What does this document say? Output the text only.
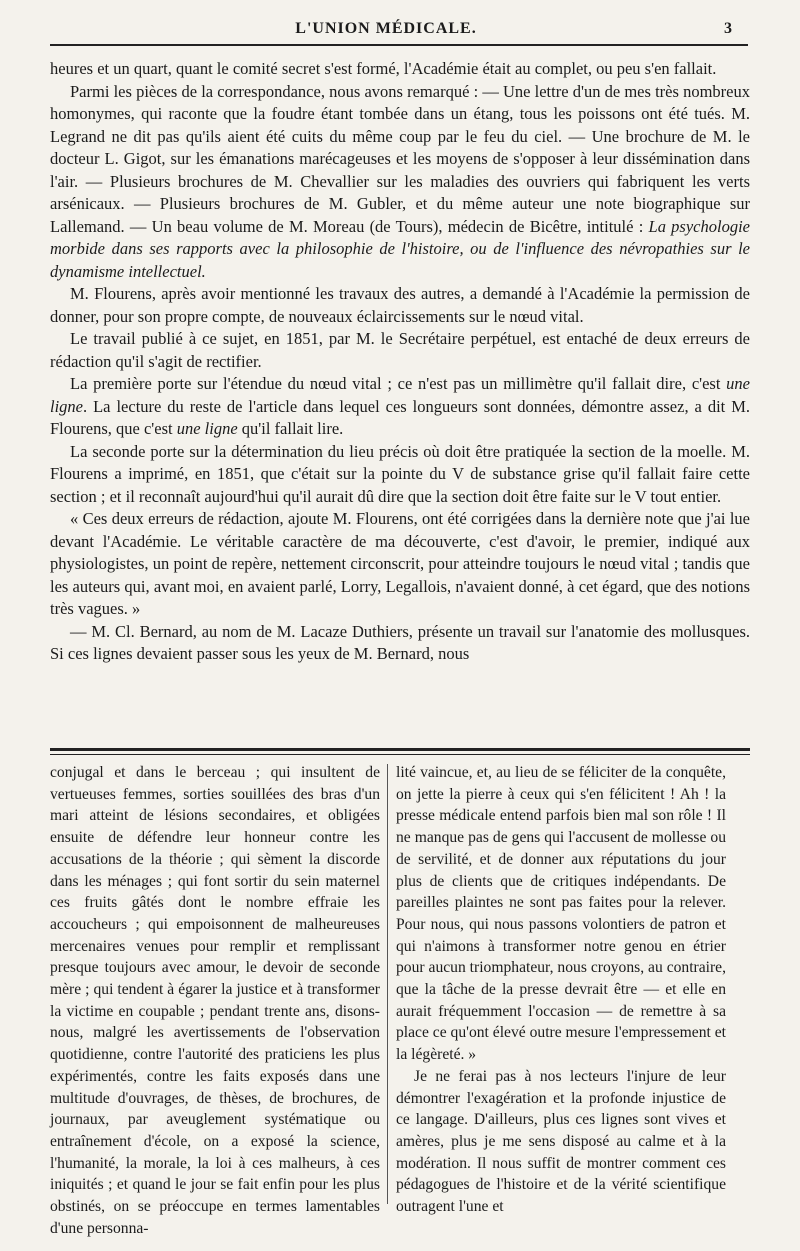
L'UNION MÉDICALE.	3

heures et un quart, quant le comité secret s'est formé, l'Académie était au complet, ou peu s'en fallait.

Parmi les pièces de la correspondance, nous avons remarqué : — Une lettre d'un de mes très nombreux homonymes, qui raconte que la foudre étant tombée dans un étang, tous les poissons ont été tués. M. Legrand ne dit pas qu'ils aient été cuits du même coup par le feu du ciel. — Une brochure de M. le docteur L. Gigot, sur les émanations marécageuses et les moyens de s'opposer à leur dissémination dans l'air. — Plusieurs brochures de M. Chevallier sur les maladies des ouvriers qui fabriquent les verts arsénicaux. — Plusieurs brochures de M. Gubler, et du même auteur une note biographique sur Lallemand. — Un beau volume de M. Moreau (de Tours), médecin de Bicêtre, intitulé : La psychologie morbide dans ses rapports avec la philosophie de l'histoire, ou de l'influence des névropathies sur le dynamisme intellectuel.

M. Flourens, après avoir mentionné les travaux des autres, a demandé à l'Académie la permission de donner, pour son propre compte, de nouveaux éclaircissements sur le nœud vital.

Le travail publié à ce sujet, en 1851, par M. le Secrétaire perpétuel, est entaché de deux erreurs de rédaction qu'il s'agit de rectifier.

La première porte sur l'étendue du nœud vital ; ce n'est pas un millimètre qu'il fallait dire, c'est une ligne. La lecture du reste de l'article dans lequel ces longueurs sont données, démontre assez, a dit M. Flourens, que c'est une ligne qu'il fallait lire.

La seconde porte sur la détermination du lieu précis où doit être pratiquée la section de la moelle. M. Flourens a imprimé, en 1851, que c'était sur la pointe du V de substance grise qu'il fallait faire cette section ; et il reconnaît aujourd'hui qu'il aurait dû dire que la section doit être faite sur le V tout entier.

« Ces deux erreurs de rédaction, ajoute M. Flourens, ont été corrigées dans la dernière note que j'ai lue devant l'Académie. Le véritable caractère de ma découverte, c'est d'avoir, le premier, indiqué aux physiologistes, un point de repère, nettement circonscrit, pour atteindre toujours le nœud vital ; tandis que les auteurs qui, avant moi, en avaient parlé, Lorry, Legallois, n'avaient donné, à cet égard, que des notions très vagues. »

— M. Cl. Bernard, au nom de M. Lacaze Duthiers, présente un travail sur l'anatomie des mollusques. Si ces lignes devaient passer sous les yeux de M. Bernard, nous

conjugal et dans le berceau ; qui insultent de vertueuses femmes, sorties souillées des bras d'un mari atteint de lésions secondaires, et obligées ensuite de défendre leur honneur contre les accusations de la théorie ; qui sèment la discorde dans les ménages ; qui font sortir du sein maternel ces fruits gâtés dont le nombre effraie les accoucheurs ; qui empoisonnent de malheureuses mercenaires venues pour remplir et remplissant presque toujours avec amour, le devoir de seconde mère ; qui tendent à égarer la justice et à transformer la victime en coupable ; pendant trente ans, disons-nous, malgré les avertissements de l'observation quotidienne, contre l'autorité des praticiens les plus expérimentés, contre les faits exposés dans une multitude d'ouvrages, de thèses, de brochures, de journaux, par aveuglement systématique ou entraînement d'école, on a exposé la science, l'humanité, la morale, la loi à ces malheurs, à ces iniquités ; et quand le jour se fait enfin pour les plus obstinés, on se préoccupe en termes lamentables d'une personna-

lité vaincue, et, au lieu de se féliciter de la conquête, on jette la pierre à ceux qui s'en félicitent ! Ah ! la presse médicale entend parfois bien mal son rôle ! Il ne manque pas de gens qui l'accusent de mollesse ou de servilité, et de donner aux réputations du jour plus de clients que de critiques indépendants. De pareilles plaintes ne sont pas faites pour la relever. Pour nous, qui nous passons volontiers de patron et qui n'aimons à transformer notre genou en étrier pour aucun triomphateur, nous croyons, au contraire, que la tâche de la presse devrait être — et elle en aurait fréquemment l'occasion — de remettre à sa place ce qu'ont élevé outre mesure l'empressement et la légèreté. »

Je ne ferai pas à nos lecteurs l'injure de leur démontrer l'exagération et la profonde injustice de ce langage. D'ailleurs, plus ces lignes sont vives et amères, plus je me sens disposé au calme et à la modération. Il nous suffit de montrer comment ces pédagogues de l'histoire et de la vérité scientifique outragent l'une et
